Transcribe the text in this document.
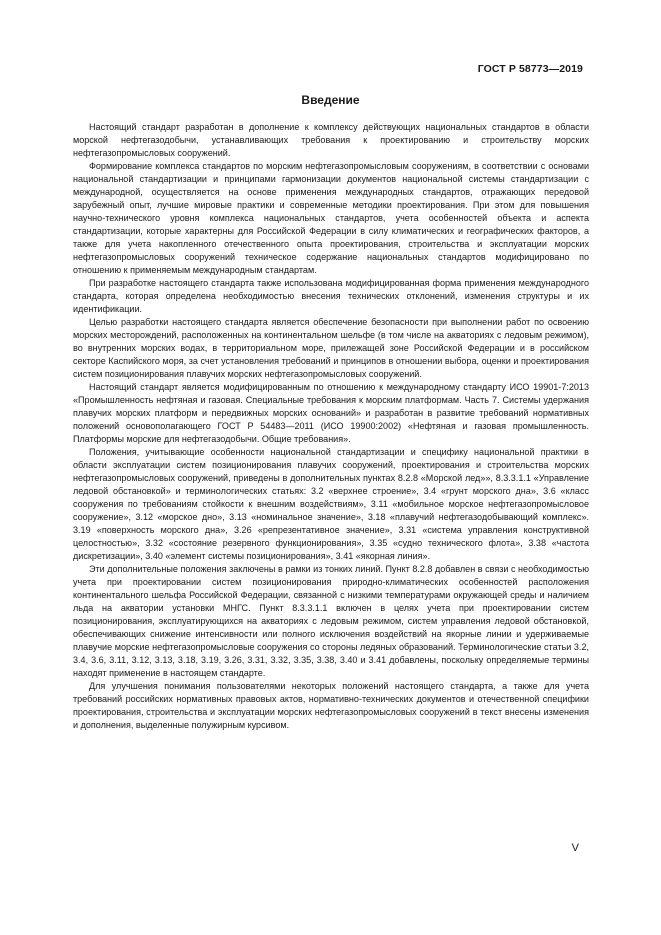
ГОСТ Р 58773—2019
Введение

Настоящий стандарт разработан в дополнение к комплексу действующих национальных стандартов в области морской нефтегазодобычи, устанавливающих требования к проектированию и строительству морских нефтегазопромысловых сооружений.

Формирование комплекса стандартов по морским нефтегазопромысловым сооружениям, в соответствии с основами национальной стандартизации и принципами гармонизации документов национальной системы стандартизации с международной, осуществляется на основе применения международных стандартов, отражающих передовой зарубежный опыт, лучшие мировые практики и современные методики проектирования. При этом для повышения научно-технического уровня комплекса национальных стандартов, учета особенностей объекта и аспекта стандартизации, которые характерны для Российской Федерации в силу климатических и географических факторов, а также для учета накопленного отечественного опыта проектирования, строительства и эксплуатации морских нефтегазопромысловых сооружений техническое содержание национальных стандартов модифицировано по отношению к применяемым международным стандартам.

При разработке настоящего стандарта также использована модифицированная форма применения международного стандарта, которая определена необходимостью внесения технических отклонений, изменения структуры и их идентификации.

Целью разработки настоящего стандарта является обеспечение безопасности при выполнении работ по освоению морских месторождений, расположенных на континентальном шельфе (в том числе на акваториях с ледовым режимом), во внутренних морских водах, в территориальном море, прилежащей зоне Российской Федерации и в российском секторе Каспийского моря, за счет установления требований и принципов в отношении выбора, оценки и проектирования систем позиционирования плавучих морских нефтегазопромысловых сооружений.

Настоящий стандарт является модифицированным по отношению к международному стандарту ИСО 19901-7:2013 «Промышленность нефтяная и газовая. Специальные требования к морским платформам. Часть 7. Системы удержания плавучих морских платформ и передвижных морских оснований» и разработан в развитие требований нормативных положений основополагающего ГОСТ Р 54483—2011 (ИСО 19900:2002) «Нефтяная и газовая промышленность. Платформы морские для нефтегазодобычи. Общие требования».

Положения, учитывающие особенности национальной стандартизации и специфику национальной практики в области эксплуатации систем позиционирования плавучих сооружений, проектирования и строительства морских нефтегазопромысловых сооружений, приведены в дополнительных пунктах 8.2.8 «Морской лед»», 8.3.3.1.1 «Управление ледовой обстановкой» и терминологических статьях: 3.2 «верхнее строение», 3.4 «грунт морского дна», 3.6 «класс сооружения по требованиям стойкости к внешним воздействиям», 3.11 «мобильное морское нефтегазопромысловое сооружение», 3.12 «морское дно», 3.13 «номинальное значение», 3.18 «плавучий нефтегазодобывающий комплекс». 3.19 «поверхность морского дна», 3.26 «репрезентативное значение», 3.31 «система управления конструктивной целостностью», 3.32 «состояние резервного функционирования», 3.35 «судно технического флота», 3.38 «частота дискретизации», 3.40 «элемент системы позиционирования», 3.41 «якорная линия».

Эти дополнительные положения заключены в рамки из тонких линий. Пункт 8.2.8 добавлен в связи с необходимостью учета при проектировании систем позиционирования природно-климатических особенностей расположения континентального шельфа Российской Федерации, связанной с низкими температурами окружающей среды и наличием льда на акватории установки МНГС. Пункт 8.3.3.1.1 включен в целях учета при проектировании систем позиционирования, эксплуатирующихся на акваториях с ледовым режимом, систем управления ледовой обстановкой, обеспечивающих снижение интенсивности или полного исключения воздействий на якорные линии и удерживаемые плавучие морские нефтегазопромысловые сооружения со стороны ледяных образований. Терминологические статьи 3.2, 3.4, 3.6, 3.11, 3.12, 3.13, 3.18, 3.19, 3.26, 3.31, 3.32, 3.35, 3.38, 3.40 и 3.41 добавлены, поскольку определяемые термины находят применение в настоящем стандарте.

Для улучшения понимания пользователями некоторых положений настоящего стандарта, а также для учета требований российских нормативных правовых актов, нормативно-технических документов и отечественной специфики проектирования, строительства и эксплуатации морских нефтегазопромысловых сооружений в текст внесены изменения и дополнения, выделенные полужирным курсивом.

V
